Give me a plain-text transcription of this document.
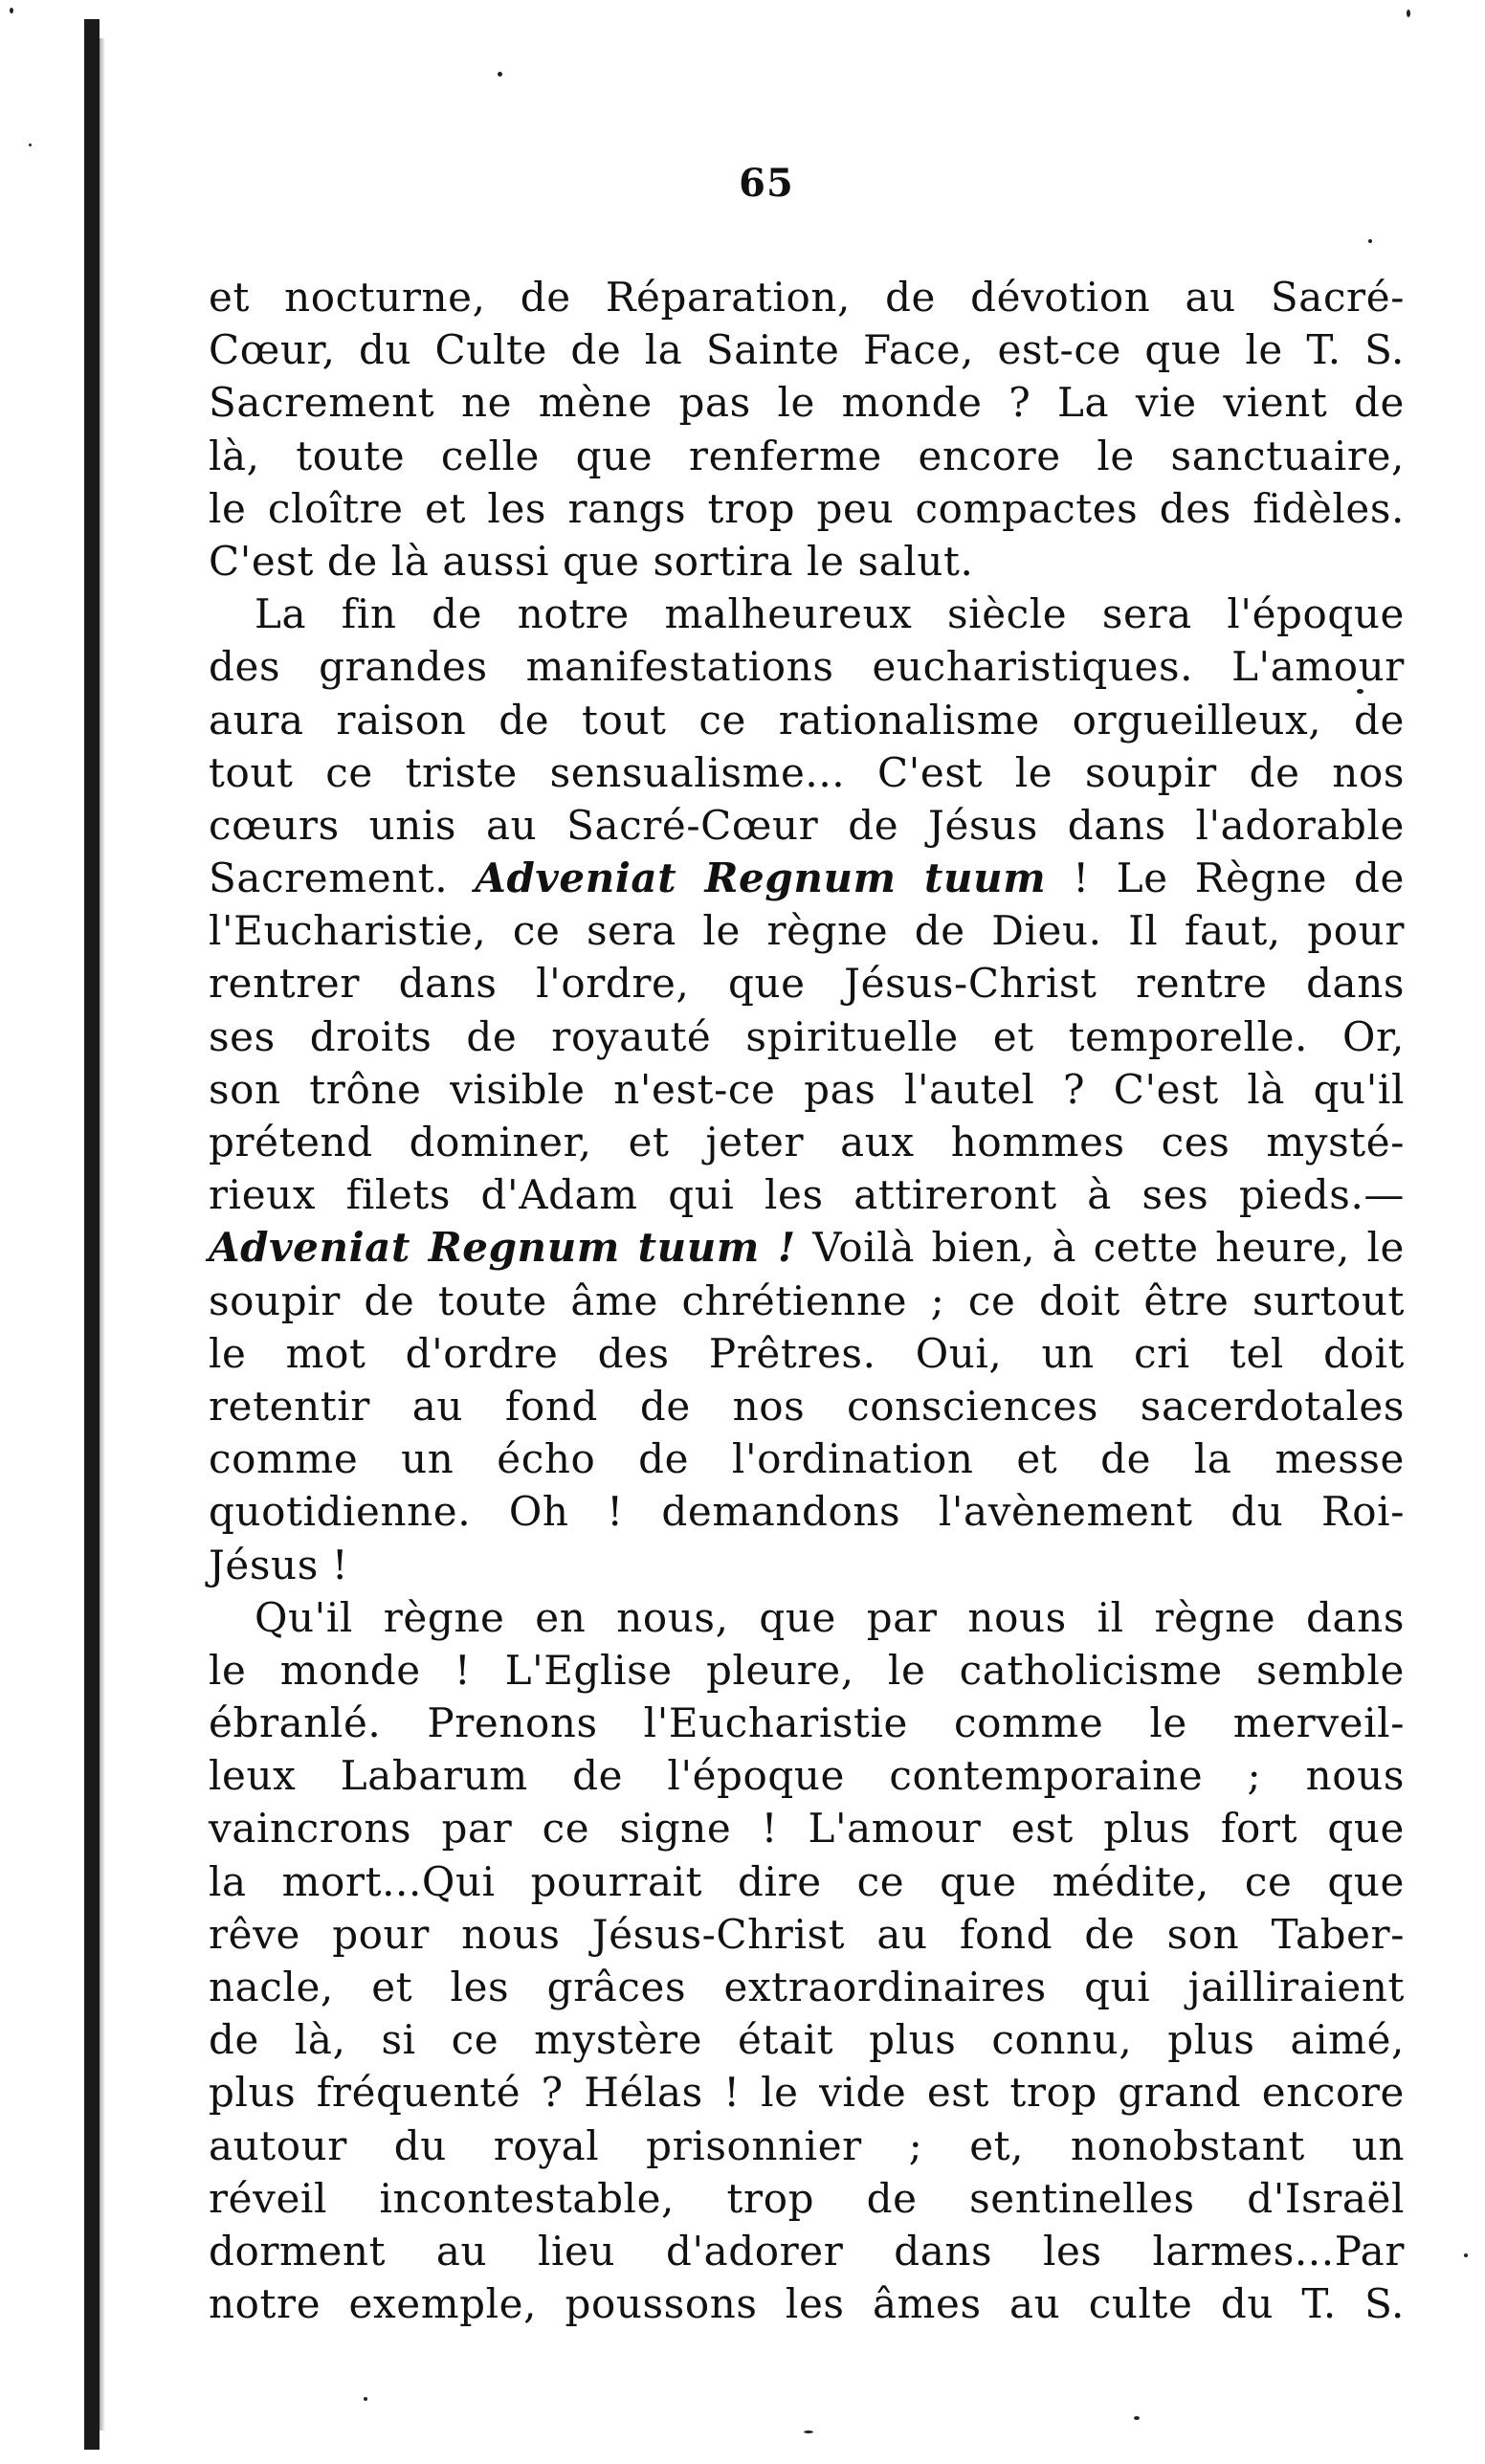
65
et nocturne, de Réparation, de dévotion au Sacré-
Cœur, du Culte de la Sainte Face, est-ce que le T. S.
Sacrement ne mène pas le monde ? La vie vient de
là, toute celle que renferme encore le sanctuaire,
le cloître et les rangs trop peu compactes des fidèles.
C'est de là aussi que sortira le salut.
La fin de notre malheureux siècle sera l'époque
des grandes manifestations eucharistiques. L'amour
aura raison de tout ce rationalisme orgueilleux, de
tout ce triste sensualisme... C'est le soupir de nos
cœurs unis au Sacré-Cœur de Jésus dans l'adorable
Sacrement. Adveniat Regnum tuum ! Le Règne de
l'Eucharistie, ce sera le règne de Dieu. Il faut, pour
rentrer dans l'ordre, que Jésus-Christ rentre dans
ses droits de royauté spirituelle et temporelle. Or,
son trône visible n'est-ce pas l'autel ? C'est là qu'il
prétend dominer, et jeter aux hommes ces mysté-
rieux filets d'Adam qui les attireront à ses pieds.—
Adveniat Regnum tuum ! Voilà bien, à cette heure, le
soupir de toute âme chrétienne ; ce doit être surtout
le mot d'ordre des Prêtres. Oui, un cri tel doit
retentir au fond de nos consciences sacerdotales
comme un écho de l'ordination et de la messe
quotidienne. Oh ! demandons l'avènement du Roi-
Jésus !
Qu'il règne en nous, que par nous il règne dans
le monde ! L'Eglise pleure, le catholicisme semble
ébranlé. Prenons l'Eucharistie comme le merveil-
leux Labarum de l'époque contemporaine ; nous
vaincrons par ce signe ! L'amour est plus fort que
la mort...Qui pourrait dire ce que médite, ce que
rêve pour nous Jésus-Christ au fond de son Taber-
nacle, et les grâces extraordinaires qui jailliraient
de là, si ce mystère était plus connu, plus aimé,
plus fréquenté ? Hélas ! le vide est trop grand encore
autour du royal prisonnier ; et, nonobstant un
réveil incontestable, trop de sentinelles d'Israël
dorment au lieu d'adorer dans les larmes...Par
notre exemple, poussons les âmes au culte du T. S.
